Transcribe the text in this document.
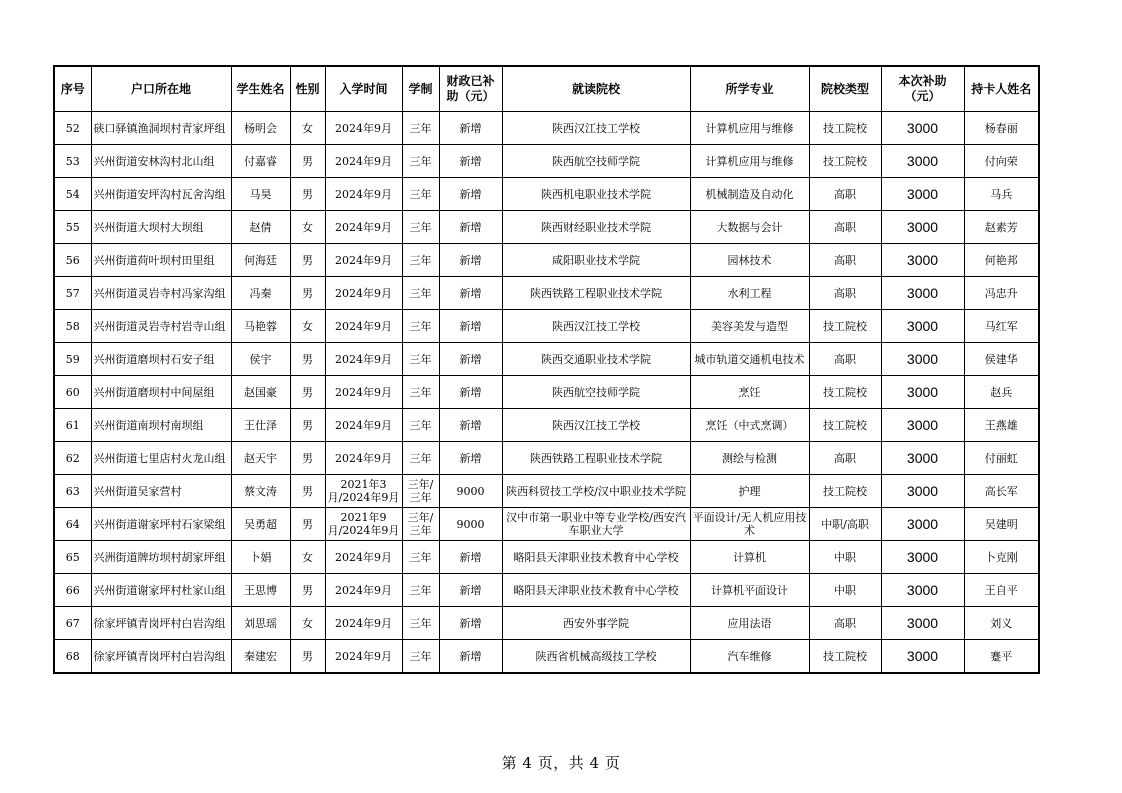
序号	户口所在地	学生姓名	性别	入学时间	学制	财政已补助（元）	就读院校	所学专业	院校类型	本次补助（元）	持卡人姓名
52	硖口驿镇渔洞坝村青家坪组	杨明会	女	2024年9月	三年	新增	陕西汉江技工学校	计算机应用与维修	技工院校	3000	杨春丽
53	兴州街道安林沟村北山组	付嘉睿	男	2024年9月	三年	新增	陕西航空技师学院	计算机应用与维修	技工院校	3000	付向荣
54	兴州街道安坪沟村瓦舍沟组	马昊	男	2024年9月	三年	新增	陕西机电职业技术学院	机械制造及自动化	高职	3000	马兵
55	兴州街道大坝村大坝组	赵倩	女	2024年9月	三年	新增	陕西财经职业技术学院	大数据与会计	高职	3000	赵素芳
56	兴州街道荷叶坝村田里组	何海廷	男	2024年9月	三年	新增	咸阳职业技术学院	园林技术	高职	3000	何艳邦
57	兴州街道灵岩寺村冯家沟组	冯秦	男	2024年9月	三年	新增	陕西铁路工程职业技术学院	水利工程	高职	3000	冯忠升
58	兴州街道灵岩寺村岩寺山组	马艳蓉	女	2024年9月	三年	新增	陕西汉江技工学校	美容美发与造型	技工院校	3000	马红军
59	兴州街道磨坝村石安子组	侯宇	男	2024年9月	三年	新增	陕西交通职业技术学院	城市轨道交通机电技术	高职	3000	侯建华
60	兴州街道磨坝村中间屋组	赵国豪	男	2024年9月	三年	新增	陕西航空技师学院	烹饪	技工院校	3000	赵兵
61	兴州街道南坝村南坝组	王仕泽	男	2024年9月	三年	新增	陕西汉江技工学校	烹饪（中式烹调）	技工院校	3000	王燕雄
62	兴州街道七里店村火龙山组	赵天宇	男	2024年9月	三年	新增	陕西铁路工程职业技术学院	测绘与检测	高职	3000	付丽虹
63	兴州街道吴家营村	蔡文涛	男	2021年3月/2024年9月	三年/三年	9000	陕西科贸技工学校/汉中职业技术学院	护理	技工院校	3000	高长军
64	兴州街道谢家坪村石家梁组	吴勇超	男	2021年9月/2024年9月	三年/三年	9000	汉中市第一职业中等专业学校/西安汽车职业大学	平面设计/无人机应用技术	中职/高职	3000	吴建明
65	兴洲街道牌坊坝村胡家坪组	卜娟	女	2024年9月	三年	新增	略阳县天津职业技术教育中心学校	计算机	中职	3000	卜克刚
66	兴州街道谢家坪村杜家山组	王思博	男	2024年9月	三年	新增	略阳县天津职业技术教育中心学校	计算机平面设计	中职	3000	王自平
67	徐家坪镇青岗坪村白岩沟组	刘思瑶	女	2024年9月	三年	新增	西安外事学院	应用法语	高职	3000	刘义
68	徐家坪镇青岗坪村白岩沟组	秦建宏	男	2024年9月	三年	新增	陕西省机械高级技工学校	汽车维修	技工院校	3000	蹇平
第 4 页，共 4 页
